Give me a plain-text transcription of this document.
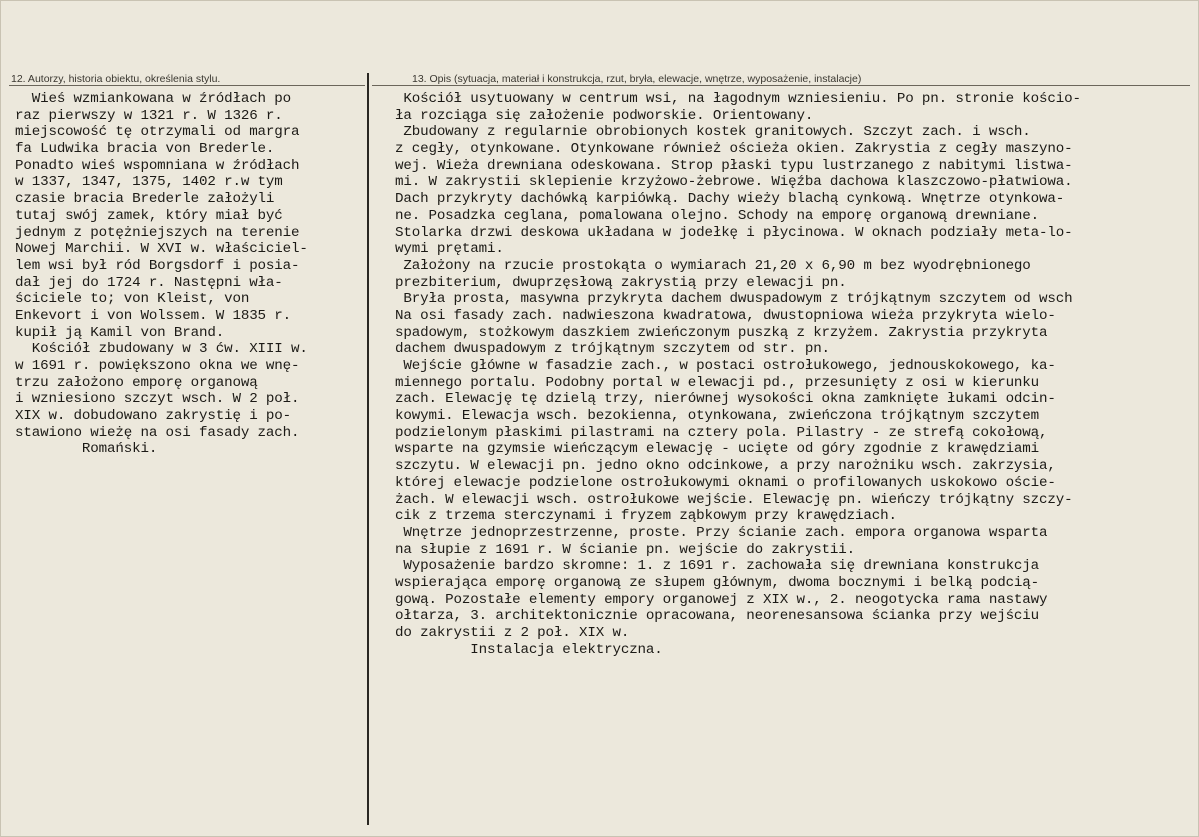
12. Autorzy, historia obiektu, określenia stylu.	13. Opis (sytuacja, materiał i konstrukcja, rzut, bryła, elewacje, wnętrze, wyposażenie, instalacje)
Wieś wzmiankowana w źródłach po
raz pierwszy w 1321 r. W 1326 r.
miejscowość tę otrzymali od margra
fa Ludwika bracia von Brederle.
Ponadto wieś wspomniana w źródłach
w 1337, 1347, 1375, 1402 r.w tym
czasie bracia Brederle założyli
tutaj swój zamek, który miał być
jednym z potężniejszych na terenie
Nowej Marchii. W XVI w. właściciel-
lem wsi był ród Borgsdorf i posia-
dał jej do 1724 r. Następni wła-
ściciele to; von Kleist, von
Enkevort i von Wolssem. W 1835 r.
kupił ją Kamil von Brand.
Kościół zbudowany w 3 ćw. XIII w.
w 1691 r. powiększono okna we wnę-
trzu założono emporę organową
i wzniesiono szczyt wsch. W 2 poł.
XIX w. dobudowano zakrystię i po-
stawiono wieżę na osi fasady zach.
Romański.
Kościół usytuowany w centrum wsi, na łagodnym wzniesieniu. Po pn. stronie kościo-
ła rozciąga się założenie podworskie. Orientowany.
Zbudowany z regularnie obrobionych kostek granitowych. Szczyt zach. i wsch.
z cegły, otynkowane. Otynkowane również ościeża okien. Zakrystia z cegły maszyno-
wej. Wieża drewniana odeskowana. Strop płaski typu lustrzanego z nabitymi listwa-
mi. W zakrystii sklepienie krzyżowo-żebrowe. Więźba dachowa klaszczowo-płatwiowa.
Dach przykryty dachówką karpiówką. Dachy wieży blachą cynkową. Wnętrze otynkowa-
ne. Posadzka ceglana, pomalowana olejno. Schody na emporę organową drewniane.
Stolarka drzwi deskowa układana w jodełkę i płycinowa. W oknach podziały meta-lo-
wymi prętami.
Założony na rzucie prostokąta o wymiarach 21,20 x 6,90 m bez wyodrębnionego
prezbiterium, dwuprzęsłową zakrystią przy elewacji pn.
Bryła prosta, masywna przykryta dachem dwuspadowym z trójkątnym szczytem od wsch
Na osi fasady zach. nadwieszona kwadratowa, dwustopniowa wieża przykryta wielo-
spadowym, stożkowym daszkiem zwieńczonym puszką z krzyżem. Zakrystia przykryta
dachem dwuspadowym z trójkątnym szczytem od str. pn.
Wejście główne w fasadzie zach., w postaci ostrołukowego, jednouskokowego, ka-
miennego portalu. Podobny portal w elewacji pd., przesunięty z osi w kierunku
zach. Elewację tę dzielą trzy, nierównej wysokości okna zamknięte łukami odcin-
kowymi. Elewacja wsch. bezokienna, otynkowana, zwieńczona trójkątnym szczytem
podzielonym płaskimi pilastrami na cztery pola. Pilastry - ze strefą cokołową,
wsparte na gzymsie wieńczącym elewację - ucięte od góry zgodnie z krawędziami
szczytu. W elewacji pn. jedno okno odcinkowe, a przy narożniku wsch. zakrzysia,
której elewacje podzielone ostrołukowymi oknami o profilowanych uskokowo oście-
żach. W elewacji wsch. ostrołukowe wejście. Elewację pn. wieńczy trójkątny szczy-
cik z trzema sterczynami i fryzem ząbkowym przy krawędziach.
Wnętrze jednoprzestrzenne, proste. Przy ścianie zach. empora organowa wsparta
na słupie z 1691 r. W ścianie pn. wejście do zakrystii.
Wyposażenie bardzo skromne: 1. z 1691 r. zachowała się drewniana konstrukcja
wspierająca emporę organową ze słupem głównym, dwoma bocznymi i belką podcią-
gową. Pozostałe elementy empory organowej z XIX w., 2. neogotycka rama nastawy
ołtarza, 3. architektonicznie opracowana, neorenesansowa ścianka przy wejściu
do zakrystii z 2 poł. XIX w.
Instalacja elektryczna.
